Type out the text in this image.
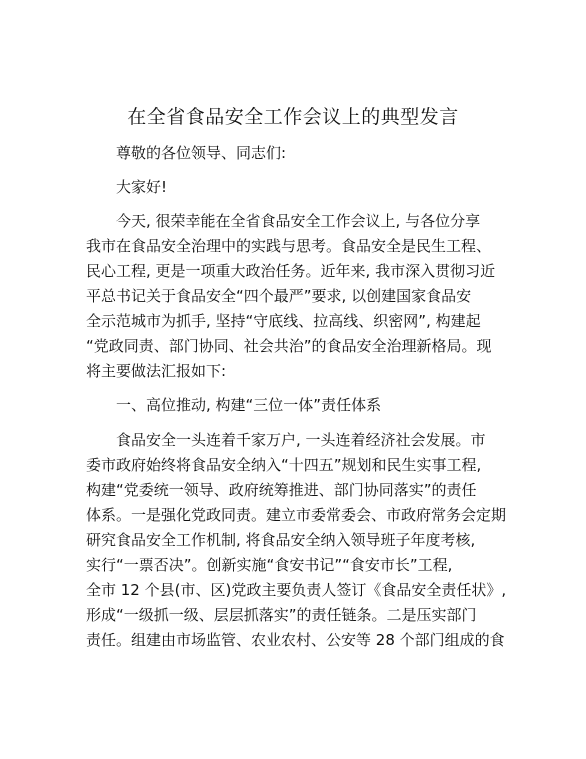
在全省食品安全工作会议上的典型发言
尊敬的各位领导、同志们:
大家好!
今天, 很荣幸能在全省食品安全工作会议上, 与各位分享
我市在食品安全治理中的实践与思考。食品安全是民生工程、
民心工程, 更是一项重大政治任务。近年来, 我市深入贯彻习近
平总书记关于食品安全“四个最严”要求, 以创建国家食品安
全示范城市为抓手, 坚持“守底线、拉高线、织密网”, 构建起
“党政同责、部门协同、社会共治”的食品安全治理新格局。现
将主要做法汇报如下:
一、高位推动, 构建“三位一体”责任体系
食品安全一头连着千家万户, 一头连着经济社会发展。市
委市政府始终将食品安全纳入“十四五”规划和民生实事工程,
构建“党委统一领导、政府统筹推进、部门协同落实”的责任
体系。一是强化党政同责。建立市委常委会、市政府常务会定期
研究食品安全工作机制, 将食品安全纳入领导班子年度考核,
实行“一票否决”。创新实施“食安书记”“食安市长”工程,
全市 12 个县(市、区)党政主要负责人签订《食品安全责任状》,
形成“一级抓一级、层层抓落实”的责任链条。二是压实部门
责任。组建由市场监管、农业农村、公安等 28 个部门组成的食
